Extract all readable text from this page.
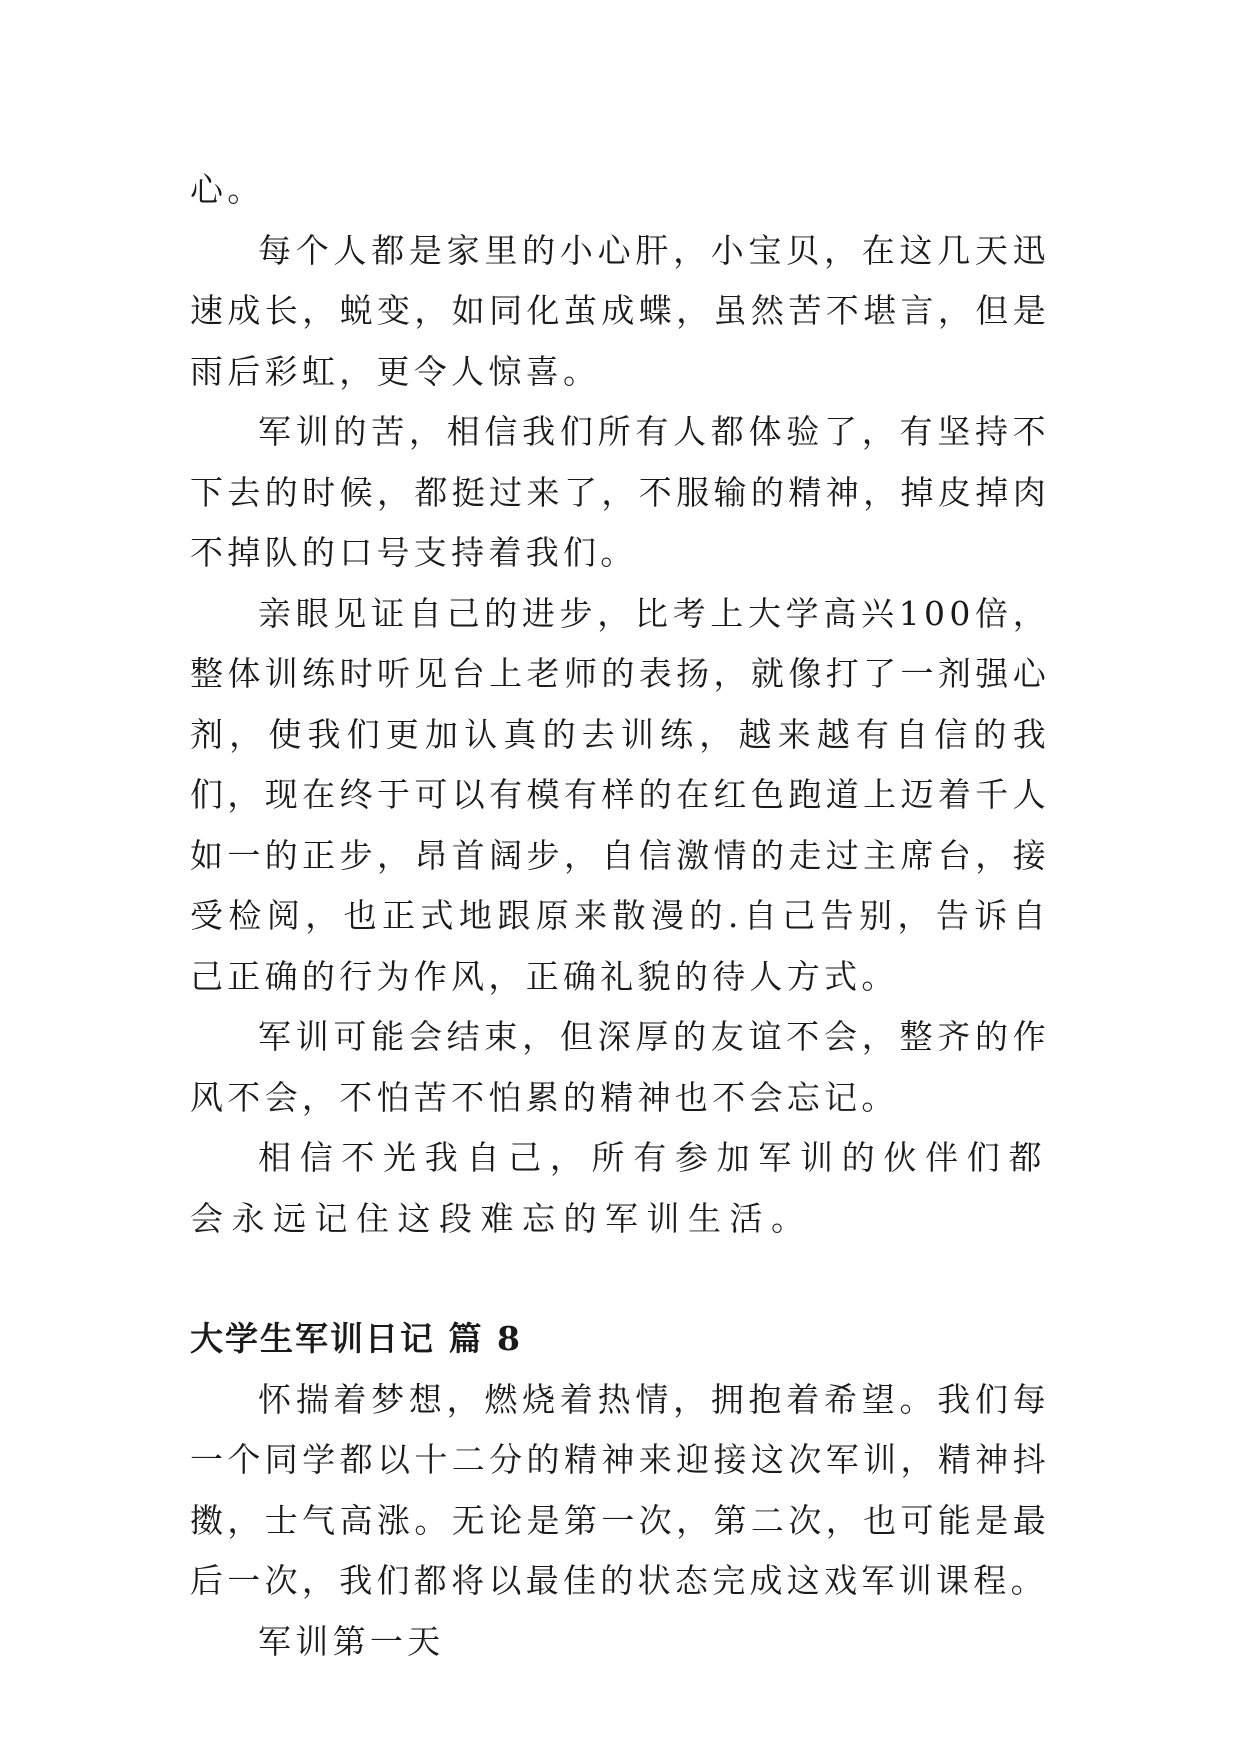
心。

每个人都是家里的小心肝，小宝贝，在这几天迅速成长，蜕变，如同化茧成蝶，虽然苦不堪言，但是雨后彩虹，更令人惊喜。

军训的苦，相信我们所有人都体验了，有坚持不下去的时候，都挺过来了，不服输的精神，掉皮掉肉不掉队的口号支持着我们。

亲眼见证自己的进步，比考上大学高兴100倍，整体训练时听见台上老师的表扬，就像打了一剂强心剂，使我们更加认真的去训练，越来越有自信的我们，现在终于可以有模有样的在红色跑道上迈着千人如一的正步，昂首阔步，自信激情的走过主席台，接受检阅，也正式地跟原来散漫的.自己告别，告诉自己正确的行为作风，正确礼貌的待人方式。

军训可能会结束，但深厚的友谊不会，整齐的作风不会，不怕苦不怕累的精神也不会忘记。

相信不光我自己，所有参加军训的伙伴们都会永远记住这段难忘的军训生活。

大学生军训日记 篇 8

怀揣着梦想，燃烧着热情，拥抱着希望。我们每一个同学都以十二分的精神来迎接这次军训，精神抖擞，士气高涨。无论是第一次，第二次，也可能是最后一次，我们都将以最佳的状态完成这戏军训课程。

军训第一天
